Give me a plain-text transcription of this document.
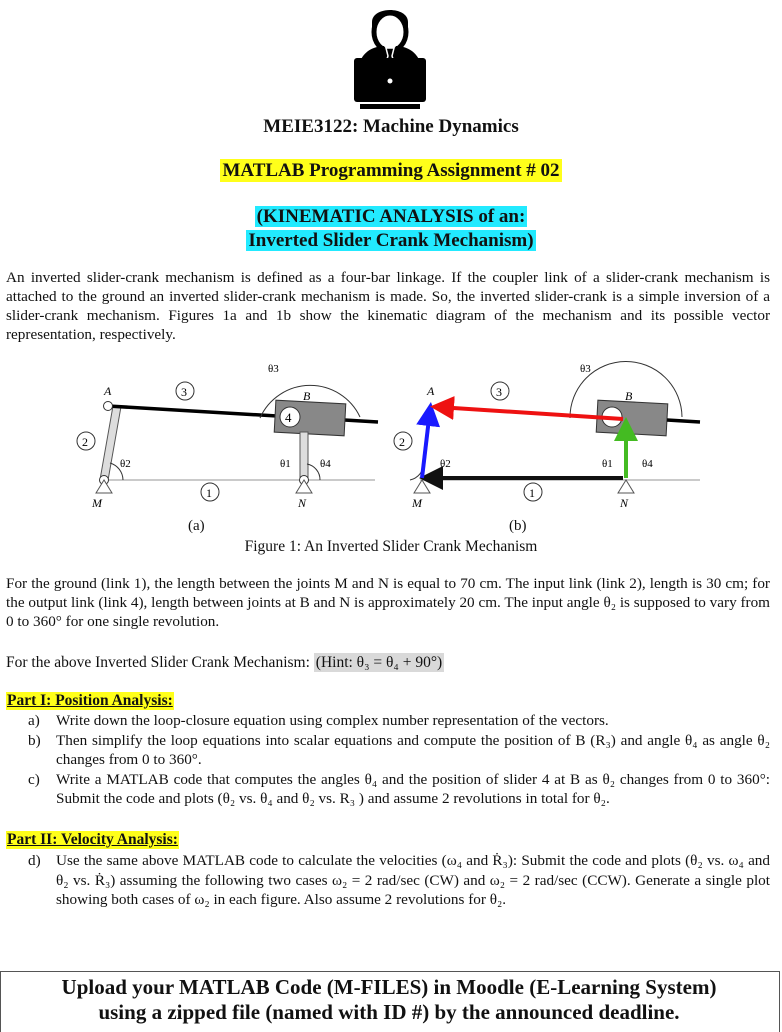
MEIE3122: Machine Dynamics
MATLAB Programming Assignment # 02
(KINEMATIC ANALYSIS of an:
Inverted Slider Crank Mechanism)
An inverted slider-crank mechanism is defined as a four-bar linkage. If the coupler link of a slider-crank mechanism is attached to the ground an inverted slider-crank mechanism is made. So, the inverted slider-crank is a simple inversion of a slider-crank mechanism. Figures 1a and 1b show the kinematic diagram of the mechanism and its possible vector representation, respectively.
4
3
2
1
A	B
M	N
θ2
θ3
θ1	θ4
3
2
1
A	B
M	N
θ2
θ3
θ1	θ4
(a)	(b)
Figure 1: An Inverted Slider Crank Mechanism
For the ground (link 1), the length between the joints M and N is equal to 70 cm. The input link (link 2), length is 30 cm; for the output link (link 4), length between joints at B and N is approximately 20 cm. The input angle θ₂ is supposed to vary from 0 to 360° for one single revolution.
For the above Inverted Slider Crank Mechanism: (Hint: θ₃ = θ₄ + 90°)
Part I: Position Analysis:
a)	Write down the loop-closure equation using complex number representation of the vectors.
b)	Then simplify the loop equations into scalar equations and compute the position of B (R₃) and angle θ₄ as angle θ₂ changes from 0 to 360°.
c)	Write a MATLAB code that computes the angles θ₄ and the position of slider 4 at B as θ₂ changes from 0 to 360°: Submit the code and plots (θ₂ vs. θ₄ and θ₂ vs. R₃ ) and assume 2 revolutions in total for θ₂.
Part II: Velocity Analysis:
d)	Use the same above MATLAB code to calculate the velocities (ω₄ and Ṙ₃): Submit the code and plots (θ₂ vs. ω₄ and θ₂ vs. Ṙ₃) assuming the following two cases ω₂ = 2 rad/sec (CW) and ω₂ = 2 rad/sec (CCW). Generate a single plot showing both cases of ω₂ in each figure. Also assume 2 revolutions for θ₂.
Upload your MATLAB Code (M-FILES) in Moodle (E-Learning System)
using a zipped file (named with ID #) by the announced deadline.
